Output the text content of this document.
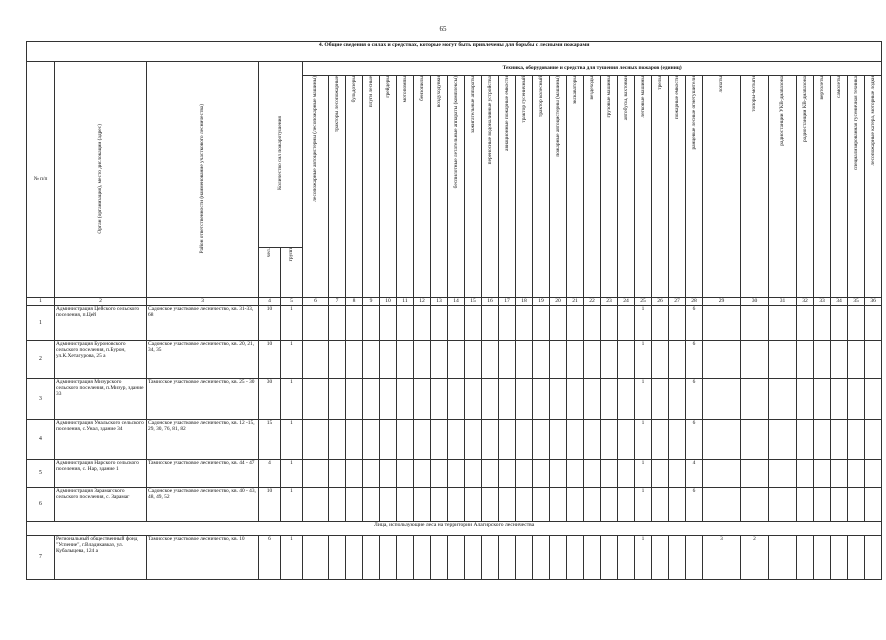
65
4. Общие сведения о силах и средствах, которые могут быть привлечены для борьбы с лесными пожарами																																			
№ п/п	Орган (организация), место дислокации (адрес)	Район ответственности (наименование участкового лесничества)	Количество сил пожаротушения		Техника, оборудование и средства для тушения лесных пожаров (единиц)																														
					лесопожарные автоцистерны (лесопожарные машины)	тракторы лесопожарные	бульдозеры	плуги лесные	грейдеры	мотопомпы	бензопилы	воздуходувки	беспилотные летательные аппараты (комплексы)	зажигательные аппараты	переносные водоналивные устройства	авиационные пожарные емкости	трактор гусеничный	трактор колесный	пожарные автоцистерны (машины)	экскаваторы	вездеходы	грузовые машины	автобусы, вахтовки	легковые машины	трелы	пожарные емкости	ранцевые лесные огнетушители	лопаты	топоры-мотыги	радиостанции УКВ-диапазона	радиостанции КВ-диапазона	вертолеты	самолеты	специализированная гусеничная техника	лесопожарные катера, моторные лодки
			чел.	групп																															
1	2	3	4	5	6	7	8	9	10	11	12	13	14	15	16	17	18	19	20	21	22	23	24	25	26	27	28	29	30	31	32	33	34	35	36
1	Администрация Цейского сельского поселения, п.Цей	Садонское участковое лесничество, кв. 31-33, 68	10	1																				1			6								
2	Администрация Буроновского сельского поселения, п.Бурон, ул.К.Хетагурова, 25 а	Садонское участковое лесничество, кв. 20, 21, 34, 35	10	1																				1			6								
3	Администрация Мизурского сельского поселения, п.Мизур, здание 33	Тамисское участковое лесничество, кв. 25 - 30	30	1																				1			6								
4	Администрация Унальского сельского поселения, с.Унал, здание 34	Садонское участковое лесничество, кв. 12 -15, 29, 30, 76, 81, 82	15	1																				1			6								
5	Администрация Нарского сельского поселения, с. Нар, здание 1	Тамисское участковое лесничество, кв. 44 - 47	4	1																				1			4								
6	Администрация Зарамагского сельского поселения, с. Зарамаг	Садонское участковое лесничество, кв. 40 - 43, 48, 49, 52	10	1																				1			6								
Лица, использующие леса на территории Алагирского лесничества																																			
7	Региональный общественный фонд "Успение", г.Владикавказ, ул. Кубалыцева, 124 а	Тамисское участковое лесничество, кв. 10	6	1																				1				3	2						
